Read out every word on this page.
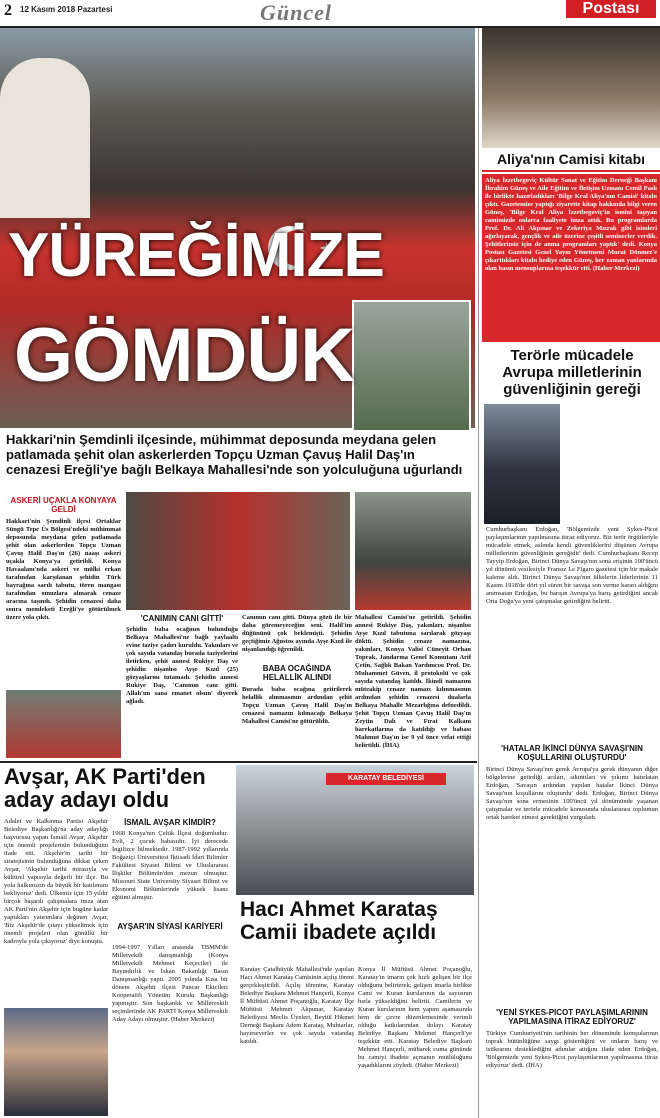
2 12 Kasım 2018 Pazartesi	Güncel	Postası
YÜREĞİMİZE
GÖMDÜK
Hakkari'nin Şemdinli ilçesinde, mühimmat deposunda meydana gelen patlamada şehit olan askerlerden Topçu Uzman Çavuş Halil Daş'ın cenazesi Ereğli'ye bağlı Belkaya Mahallesi'nde son yolculuğuna uğurlandı
ASKERİ UÇAKLA KONYAYA GELDİ
Hakkari'nin Şemdinli ilçesi Ortaklar Süngü Tepe Üs Bölgesi'ndeki mühimmat deposunda meydana gelen patlamada şehit olan askerlerden Topçu Uzman Çavuş Halil Daş'ın (26) naaşı askeri uçakla Konya'ya getirildi. Konya Havaalanı'nda askeri ve mülki erkan tarafından karşılanan şehidin Türk bayrağına sarılı tabutu, tören mangası tarafından omuzlara alınarak cenaze aracına taşındı. Şehidin cenazesi daha sonra memleketi Ereğli'ye götürülmek üzere yola çıktı.	'CANIMIN CANI GİTTİ'
Şehidin baba ocağının bulunduğu Belkaya Mahallesi'ne bağlı yaylaaltı evine taziye çadırı kuruldu. Yakınları ve çok sayıda vatandaş burada taziyelerini iletirken, şehit annesi Rukiye Daş ve şehidin nişanlısı Ayşe Kızıl (25) gözyaşlarını tutamadı. Şehidin annesi Rukiye Daş, 'Canımın canı gitti. Allah'ım sana emanet olsun' diyerek ağladı.
Canımın canı gitti. Dünya gözü ile bir daha göremeyeceğim seni. Halil'im düğününü çok beklemişti. Şehidin geçtiğimiz Ağustos ayında Ayşe Kızıl ile nişanlandığı öğrenildi.
BABA OCAĞINDA HELALLİK ALINDI
Burada baba ocağına getirilerek helallik alınmasının ardından şehit Topçu Uzman Çavuş Halil Daş'ın cenazesi namazın kılınacağı Belkaya Mahallesi Camisi'ne götürüldü.
Mahallesi Camisi'ne getirildi. Şehidin annesi Rukiye Daş, yakınları, nişanlısı Ayşe Kızıl tabutuna sarılarak gözyaşı döktü. Şehidin cenaze namazına, yakınları, Konya Valisi Cüneyit Orhan Toprak, Jandarma Genel Komutanı Arif Çetin, Sağlık Bakan Yardımcısı Prof. Dr. Muhammet Güven, il protokolü ve çok sayıda vatandaş katıldı. İkindi namazını müteakip cenaze namazı kılınmasının ardından şehidin cenazesi dualarla Belkaya Mahalle Mezarlığına defnedildi. Şehit Topçu Uzman Çavuş Halil Daş'ın Zeytin Dalı ve Fırat Kalkanı harekatlarına da katıldığı ve babası Mahmut Daş'ın ise 9 yıl önce vefat ettiği belirtildi. (İHA)
Aliya'nın Camisi kitabı
Aliya İzzetbegoviç Kültür Sanat ve Eğitim Derneği Başkanı İbrahim Güneş ve Aile Eğitim ve İletişim Uzmanı Cemil Paslı ile birlikte hazırladıkları 'Bilge Kral Aliya'nın Camisi' kitabı çıktı. Gazetemize yaptığı ziyarette kitap hakkında bilgi veren Güneş, 'Bilge Kral Aliya İzzetbegoviç'in ismini taşıyan camimizde onlarca faaliyete imza attık. Bu programlarda Prof. Dr. Ali Akpınar ve Zekeriya Mızrak gibi isimleri ağırlayarak, gençlik ve aile üzerine çeşitli seminerler verdik. Şehitlerimiz için de anma programları yaptık' dedi. Konya Postası Gazetesi Genel Yayın Yönetmeni Murat Dönmez'e çıkarttıkları kitabı hediye eden Güneş, her zaman yanlarında olan basın mensuplarına teşekkür etti. (Haber Merkezi)
Terörle mücadele Avrupa milletlerinin güvenliğinin gereği
Cumhurbaşkanı Erdoğan, 'Bölgemizde yeni Sykes-Picot paylaşımlarının yapılmasına itiraz ediyoruz. Biz terör örgütleriyle mücadele etmek, aslında kendi güvenliklerini düşünen Avrupa milletlerinin güvenliğinin gereğidir' dedi. Cumhurbaşkanı Recep Tayyip Erdoğan, Birinci Dünya Savaşı'nın sona erişinin 100'üncü yıl dönümü vesilesiyle Fransız Le Figaro gazetesi için bir makale kaleme aldı. Birinci Dünya Savaşı'nın ülkelerin liderlerinin 11 Kasım 1918'de dört yıl süren bir savaşa son verme kararı aldığını anımsatan Erdoğan, bu barışın Avrupa'ya barış getirdiğini ancak Orta Doğu'ya yeni çatışmalar getirdiğini belirtti.
'HATALAR İKİNCİ DÜNYA SAVAŞI'NIN KOŞULLARINI OLUŞTURDU'
Birinci Dünya Savaşı'nın gerek Avrupa'ya gerek dünyanın diğer bölgelerine getirdiği acıları, sıkıntıları ve yıkımı hatırlatan Erdoğan, 'Savaşın ardından yapılan hatalar İkinci Dünya Savaşı'nın koşullarını oluşturdu' dedi. Erdoğan, Birinci Dünya Savaşı'nın sona ermesinin 100'üncü yıl dönümünde yaşanan çatışmalar ve terörle mücadele konusunda uluslararası toplumun ortak hareket etmesi gerektiğini vurguladı.
'YENİ SYKES-PICOT PAYLAŞIMLARININ YAPILMASINA İTİRAZ EDİYORUZ'
Türkiye Cumhuriyeti'nin tarihinin her döneminde komşularının toprak bütünlüğüne saygı gösterdiğini ve onların barış ve istikrarını desteklediğini adımlar attığını ifade eden Erdoğan, 'Bölgemizde yeni Sykes-Picot paylaşımlarının yapılmasına itiraz ediyoruz' dedi. (İHA)
Avşar, AK Parti'den aday adayı oldu
Adalet ve Kalkınma Partisi Akşehir Belediye Başkanlığı'na aday adaylığı başvurusu yapan İsmail Avşar, Akşehir için önemli projelerinin bulunduğunu ifade etti. Akşehir'in tarihi bir stratejisinin bulunduğuna dikkat çeken Avşar, 'Akşehir tarihi mirasıyla ve kültürel yapısıyla değerli bir ilçe. Bu yola halkımızın da büyük bir katılımını bekliyoruz' dedi. Ülkemiz için 15 yıldır birçok başarılı çalışmalara imza atan AK Parti'nin Akşehir için bugüne kadar yaptıkları yatırımlara değinen Avşar, 'Biz Akşehir'de çıtayı yükseltmek için önemli projeleri olan gönüllü bir kadroyla yola çıkıyoruz' diye konuştu.
İSMAİL AVŞAR KİMDİR?
1968 Konya'nın Çeltik İlçesi doğumludur. Evli, 2 çocuk babasıdır. İyi derecede İngilizce bilmektedir. 1987-1992 yıllarında Boğaziçi Üniversitesi İktisadi İdari Bilimler Fakültesi Siyaset Bilimi ve Uluslararası İlişkiler Bölümün'den mezun olmuştur. Missouri State University Siyaset Bilimi ve Ekonomi Bölümlerinde yüksek lisans eğitimi almıştır.
AYŞAR'IN SİYASİ KARİYERİ
1994-1997 Yılları arasında TBMM'de Milletvekili danışmanlığı (Konya Milletvekili Mehmet Keçeciler) ile Bayındırlık ve İskan Bakanlığı Basın Danışmanlığı yaptı. 2005 yılında Kısa bir dönem Akşehir ilçesi Pancar Ekicileri Kooperatifi Yönetim Kurulu Başkanlığı yapmıştır. Son başkanlık ve Milletvekili seçimlerinde AK PARTİ Konya Milletvekili Aday Adayı olmuştur. (Haber Merkezi)
KARATAY BELEDİYESİ
Hacı Ahmet Karataş Camii ibadete açıldı
Karatay Çatalhüyük Mahallesi'nde yapılan Hacı Ahmet Karataş Camisinin açılış töreni gerçekleştirildi. Açılış törenine, Karatay Belediye Başkanı Mehmet Hançerli, Konya İl Müftüsü Ahmet Poçanoğlu, Karatay İlçe Müftüsü Mehmet Akpunar, Karatay Belediyesi Meclis Üyeleri, Beytül Hikmet Derneği Başkanı Adem Karataş, Muhtarlar, hayırseverler ve çok sayıda vatandaş katıldı.
Konya İl Müftüsü Ahmet Poçanoğlu, Karatay'ın imarın çok hızlı gelişen bir ilçe olduğunu belirterek; gelişen imarla birlikte Cami ve Kuran kurslarının da sayısının hızla yükseldiğini belirtti. Camilerin ve Kuran kurslarının hem yapım aşamasında hem de çevre düzenlemesinde verimli olduğu katkılarından dolayı Karatay Belediye Başkanı Mehmet Hançerli'ye teşekkür etti. Karatay Belediye Başkanı Mehmet Hançerli, mübarek cuma gününde bu camiyi ibadete açmanın mutluluğunu yaşadıklarını söyledi. (Haber Merkezi)
